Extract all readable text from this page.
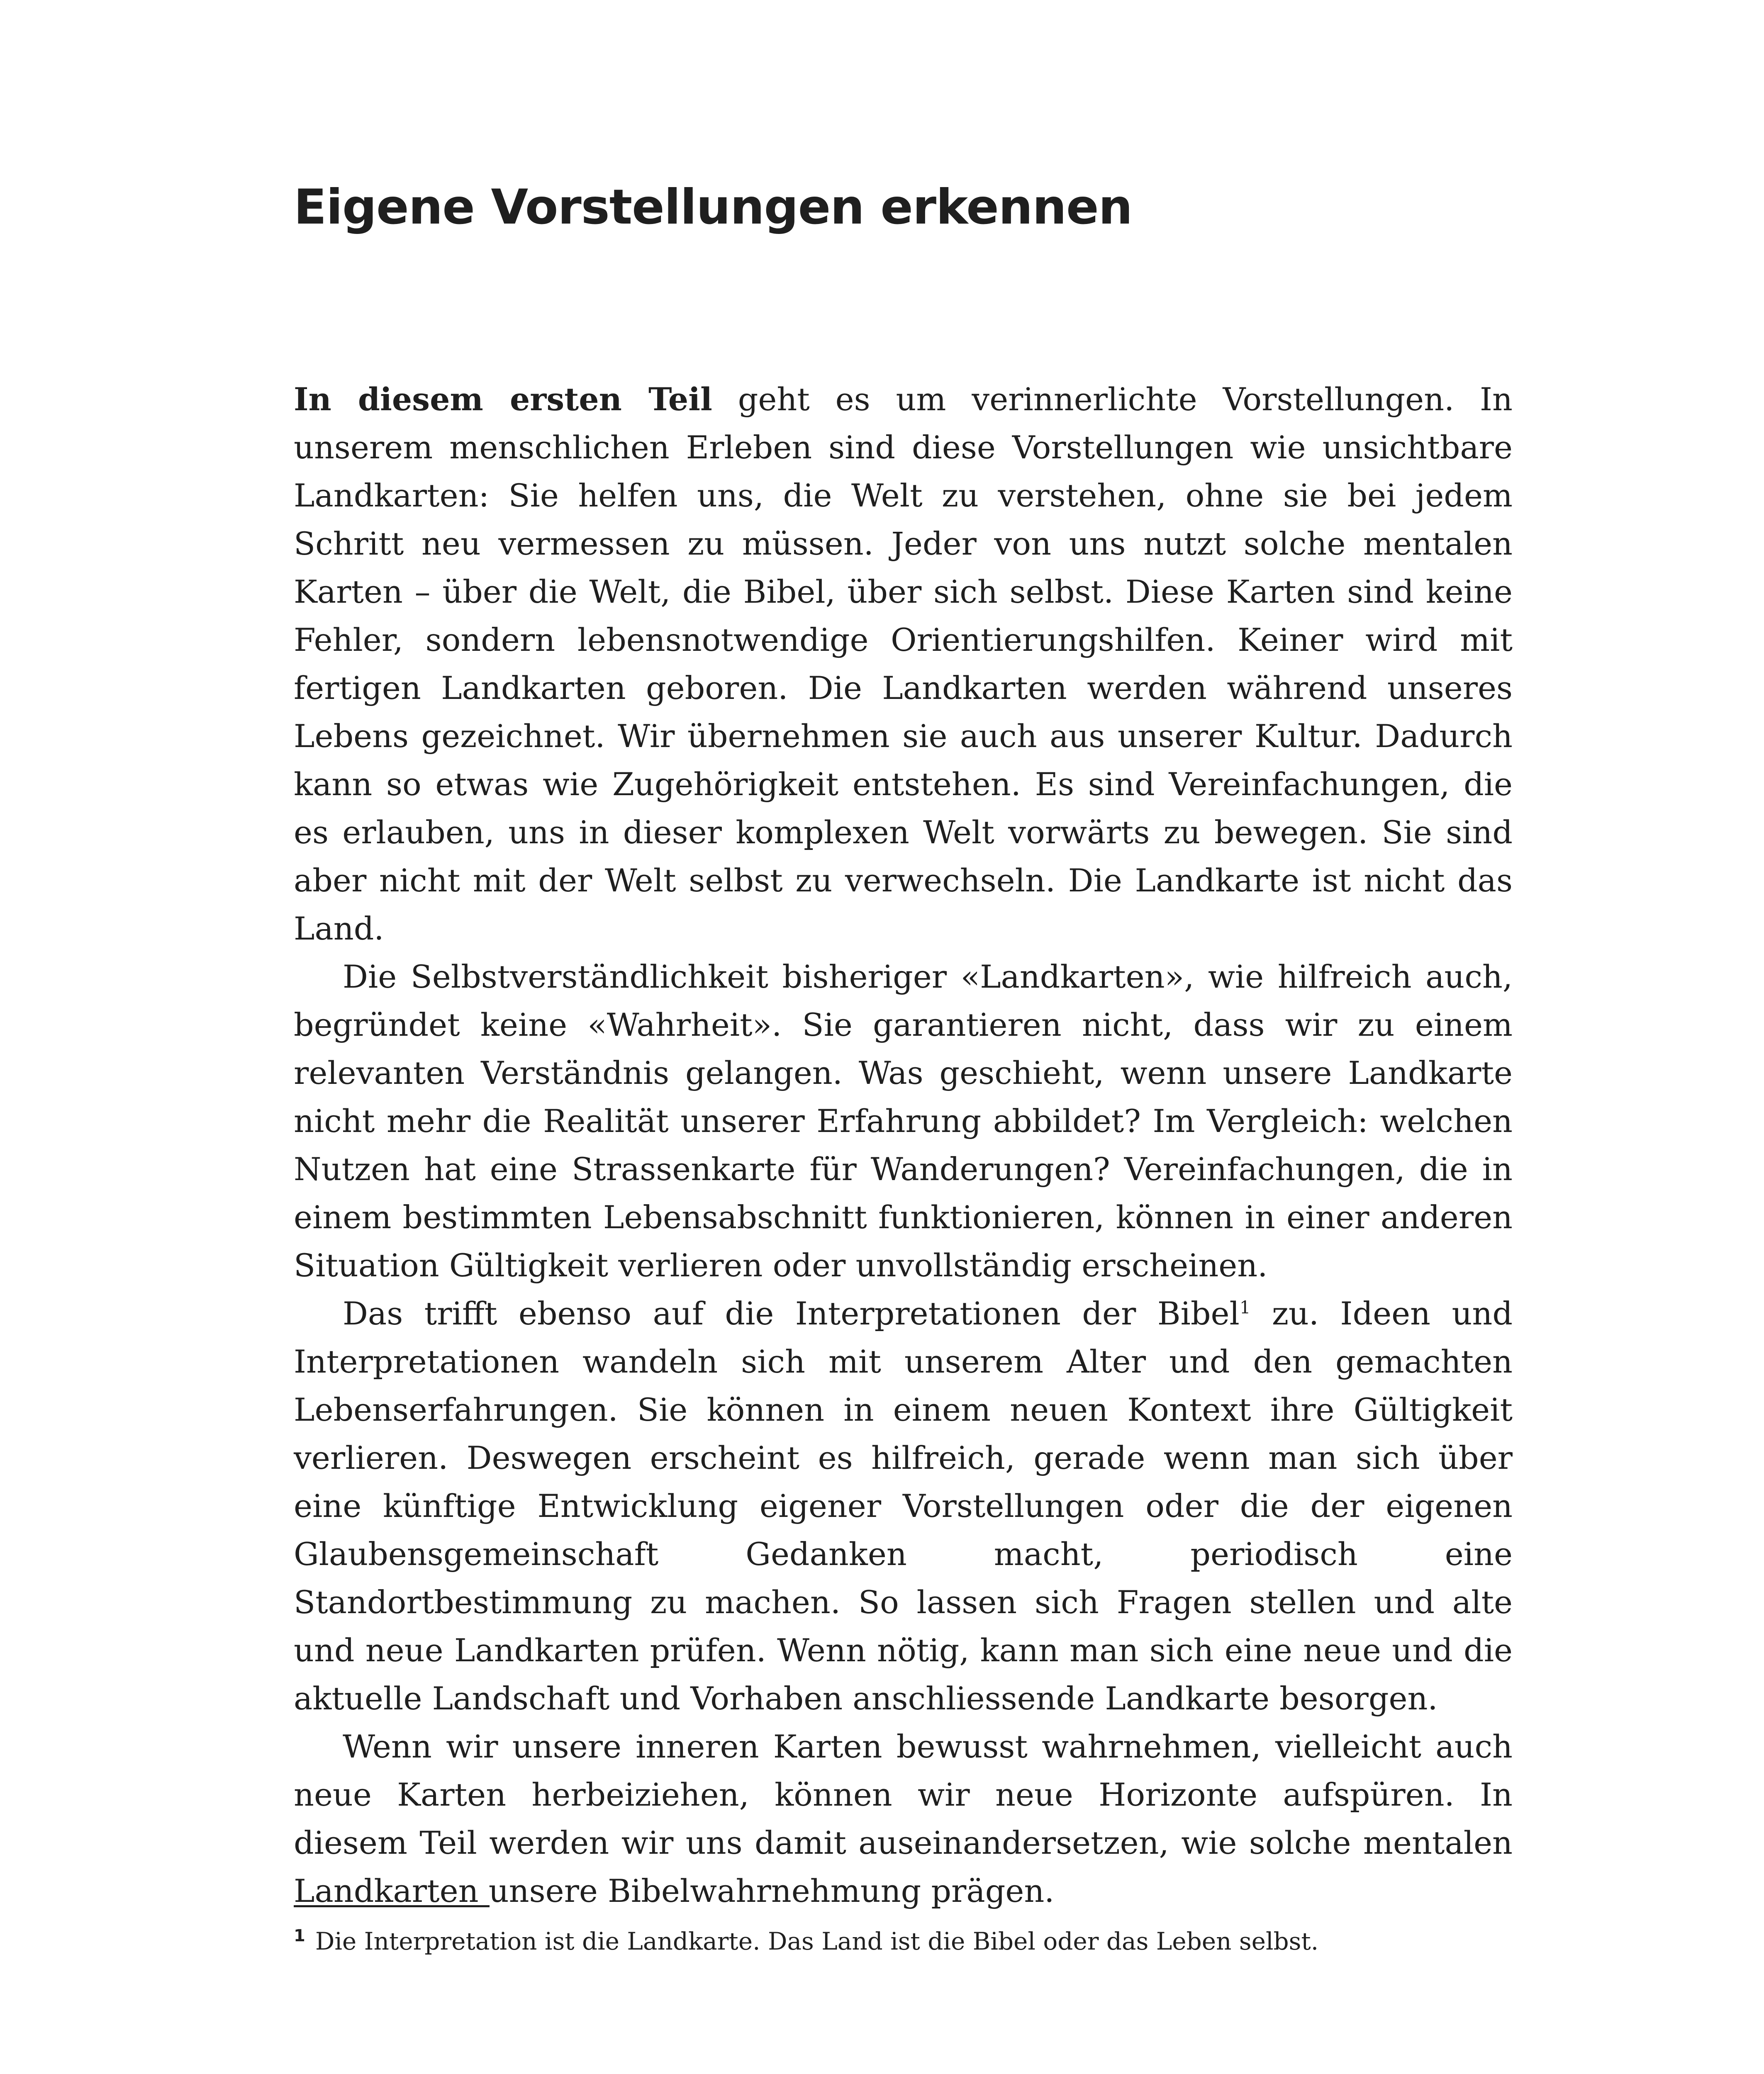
Eigene Vorstellungen erkennen

In diesem ersten Teil geht es um verinnerlichte Vorstellungen. In unserem menschlichen Erleben sind diese Vorstellungen wie unsichtbare Landkarten: Sie helfen uns, die Welt zu verstehen, ohne sie bei jedem Schritt neu vermessen zu müssen. Jeder von uns nutzt solche mentalen Karten – über die Welt, die Bibel, über sich selbst. Diese Karten sind keine Fehler, sondern lebensnotwendige Orientierungshilfen. Keiner wird mit fertigen Landkarten geboren. Die Landkarten werden während unseres Lebens gezeichnet. Wir übernehmen sie auch aus unserer Kultur. Dadurch kann so etwas wie Zugehörigkeit entstehen. Es sind Vereinfachungen, die es erlauben, uns in dieser komplexen Welt vorwärts zu bewegen. Sie sind aber nicht mit der Welt selbst zu verwechseln. Die Landkarte ist nicht das Land.

Die Selbstverständlichkeit bisheriger «Landkarten», wie hilfreich auch, begründet keine «Wahrheit». Sie garantieren nicht, dass wir zu einem relevanten Verständnis gelangen. Was geschieht, wenn unsere Landkarte nicht mehr die Realität unserer Erfahrung abbildet? Im Vergleich: welchen Nutzen hat eine Strassenkarte für Wanderungen? Vereinfachungen, die in einem bestimmten Lebensabschnitt funktionieren, können in einer anderen Situation Gültigkeit verlieren oder unvollständig erscheinen.

Das trifft ebenso auf die Interpretationen der Bibel$^1$ zu. Ideen und Interpretationen wandeln sich mit unserem Alter und den gemachten Lebenserfahrungen. Sie können in einem neuen Kontext ihre Gültigkeit verlieren. Deswegen erscheint es hilfreich, gerade wenn man sich über eine künftige Entwicklung eigener Vorstellungen oder die der eigenen Glaubensgemeinschaft Gedanken macht, periodisch eine Standortbestimmung zu machen. So lassen sich Fragen stellen und alte und neue Landkarten prüfen. Wenn nötig, kann man sich eine neue und die aktuelle Landschaft und Vorhaben anschliessende Landkarte besorgen.

Wenn wir unsere inneren Karten bewusst wahrnehmen, vielleicht auch neue Karten herbeiziehen, können wir neue Horizonte aufspüren. In diesem Teil werden wir uns damit auseinandersetzen, wie solche mentalen Landkarten unsere Bibelwahrnehmung prägen.

$^1$ Die Interpretation ist die Landkarte. Das Land ist die Bibel oder das Leben selbst.
